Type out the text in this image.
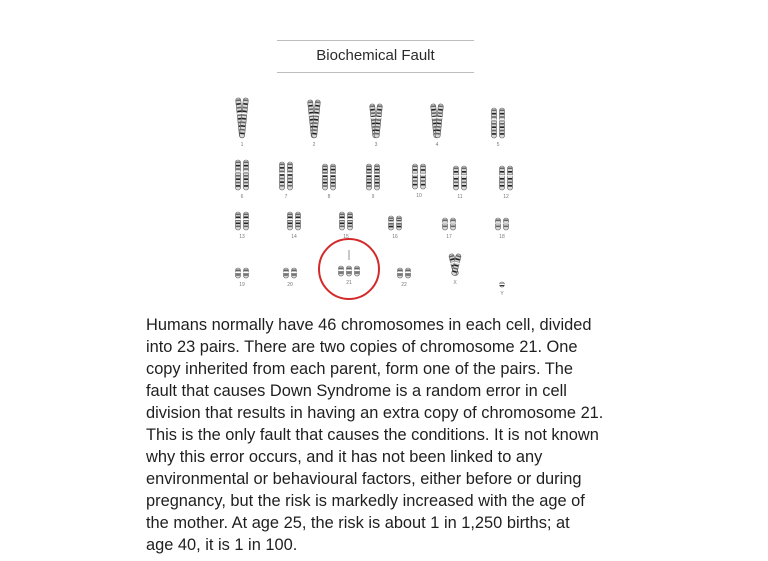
Biochemical Fault
1	2	3	4	5
6	7	8	9	10	11	12
13	14	15	16	17	18
19	20	21	22	X
Y

Humans normally have 46 chromosomes in each cell, divided
into 23 pairs. There are two copies of chromosome 21. One
copy inherited from each parent, form one of the pairs. The
fault that causes Down Syndrome is a random error in cell
division that results in having an extra copy of chromosome 21.
This is the only fault that causes the conditions. It is not known
why this error occurs, and it has not been linked to any
environmental or behavioural factors, either before or during
pregnancy, but the risk is markedly increased with the age of
the mother. At age 25, the risk is about 1 in 1,250 births; at
age 40, it is 1 in 100.
